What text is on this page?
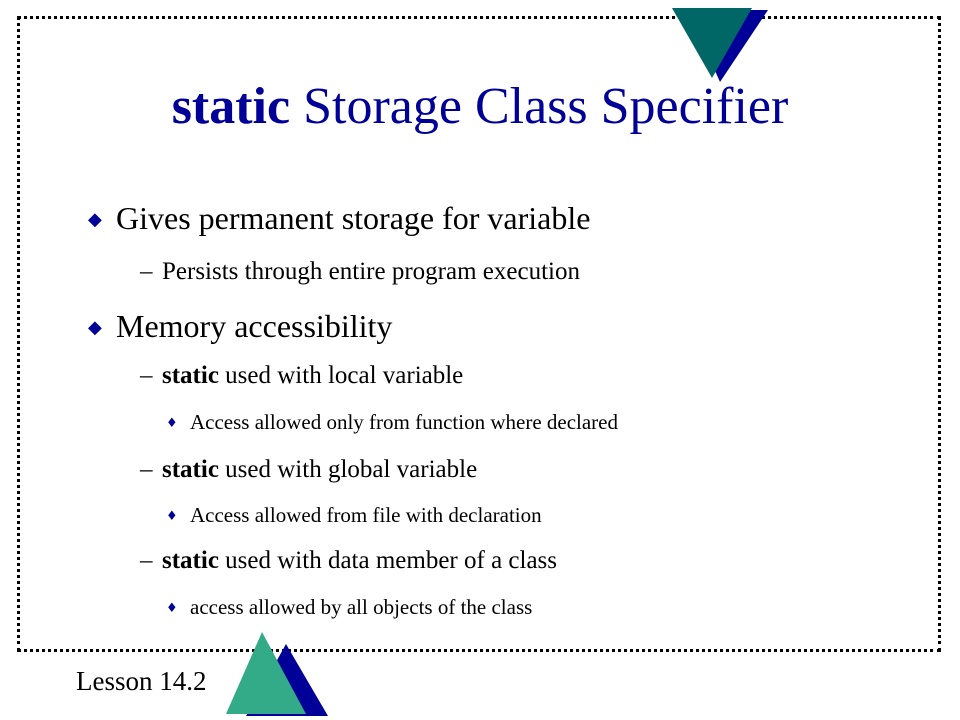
static Storage Class Specifier
◆ Gives permanent storage for variable
– Persists through entire program execution
◆ Memory accessibility
– static used with local variable
♦ Access allowed only from function where declared
– static used with global variable
♦ Access allowed from file with declaration
– static used with data member of a class
♦ access allowed by all objects of the class
Lesson 14.2
